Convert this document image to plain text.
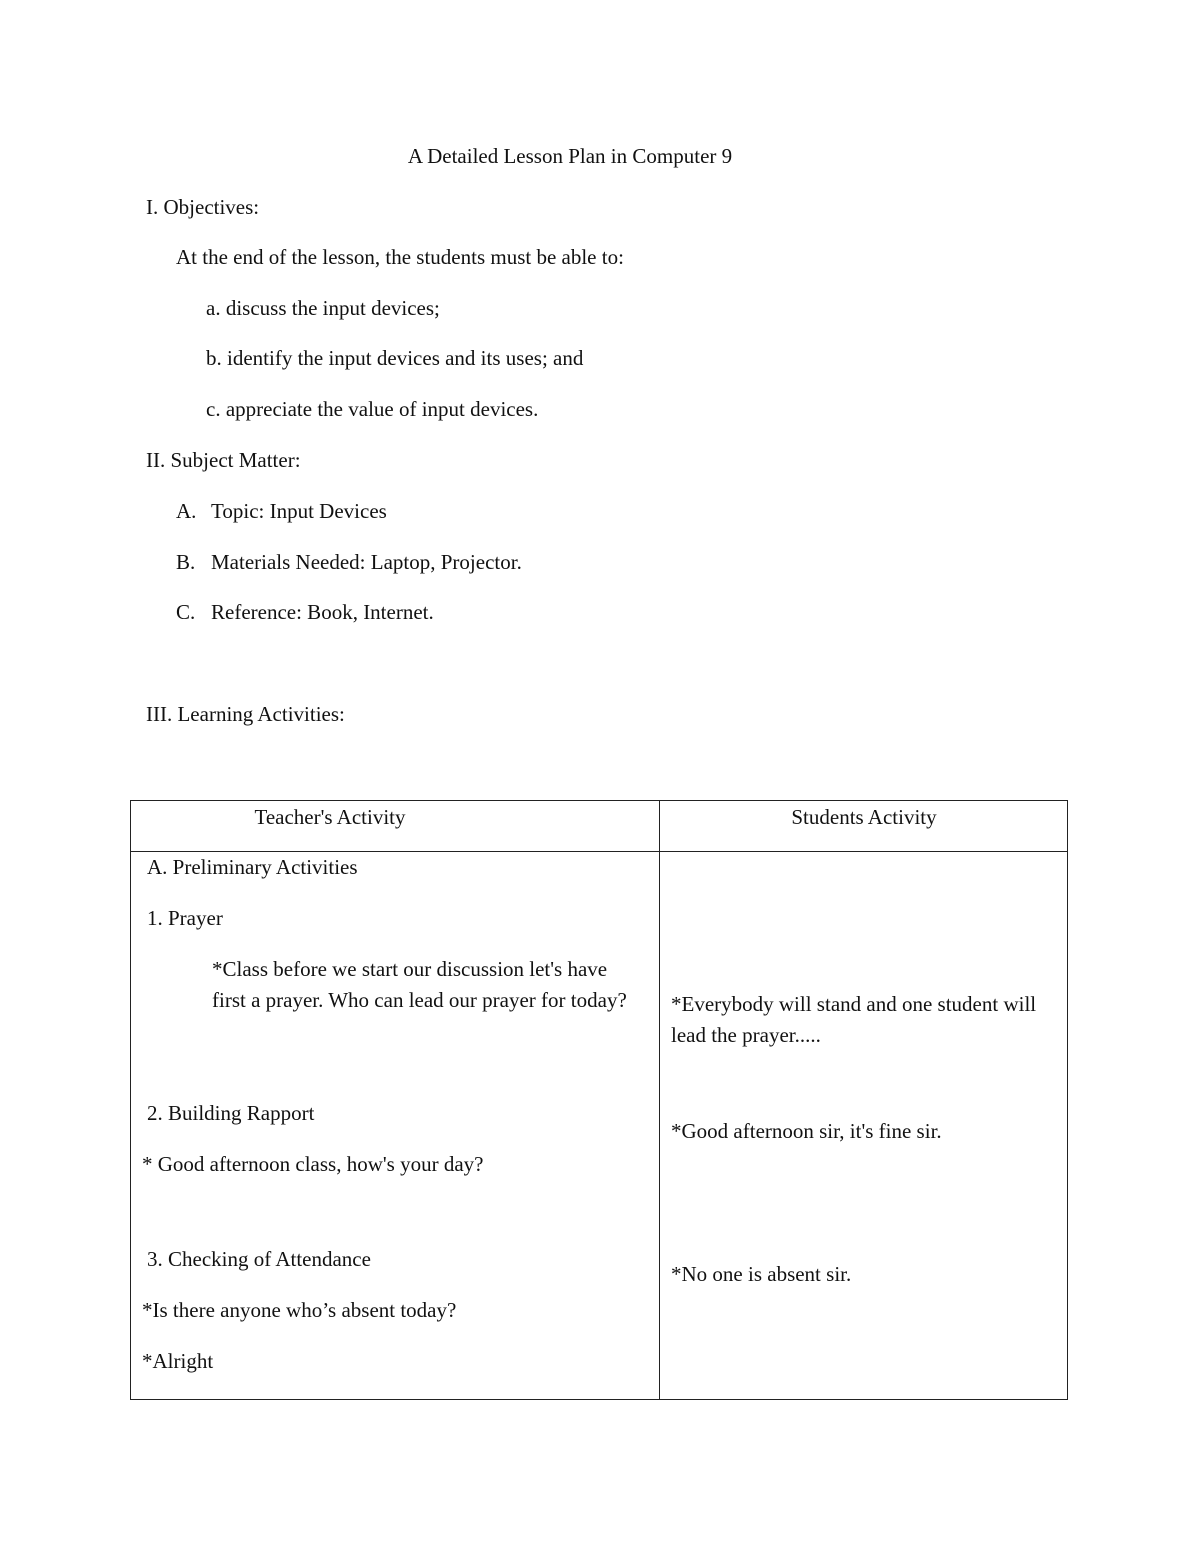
A Detailed Lesson Plan in Computer 9
I. Objectives:
At the end of the lesson, the students must be able to:
a. discuss the input devices;
b. identify the input devices and its uses; and
c. appreciate the value of input devices.
II. Subject Matter:
A. Topic: Input Devices
B. Materials Needed: Laptop, Projector.
C. Reference: Book, Internet.
III. Learning Activities:
Teacher's Activity	Students Activity
A. Preliminary Activities
1. Prayer
*Class before we start our discussion let's have first a prayer. Who can lead our prayer for today?
2. Building Rapport
* Good afternoon class, how's your day?
3. Checking of Attendance
*Is there anyone who’s absent today?
*Alright
*Everybody will stand and one student will lead the prayer.....
*Good afternoon sir, it's fine sir.
*No one is absent sir.
